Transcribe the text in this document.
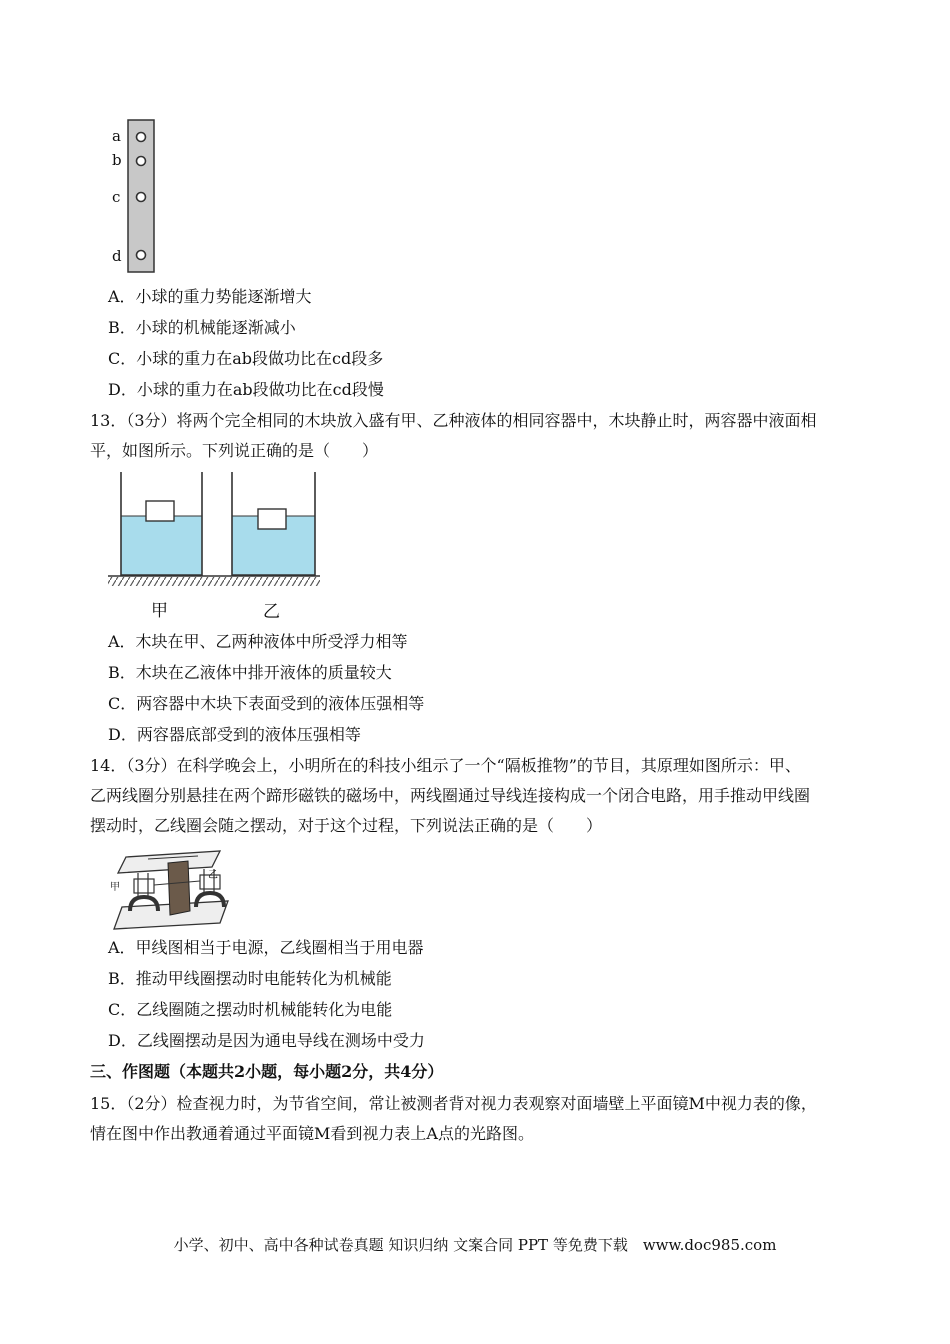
a
b
c
d
A．小球的重力势能逐渐增大
B．小球的机械能逐渐减小
C．小球的重力在ab段做功比在cd段多
D．小球的重力在ab段做功比在cd段慢
13．（3分）将两个完全相同的木块放入盛有甲、乙种液体的相同容器中，木块静止时，两容器中液面相
平，如图所示。下列说正确的是（　　）
甲	乙
A．木块在甲、乙两种液体中所受浮力相等
B．木块在乙液体中排开液体的质量较大
C．两容器中木块下表面受到的液体压强相等
D．两容器底部受到的液体压强相等
14．（3分）在科学晚会上，小明所在的科技小组示了一个“隔板推物”的节目，其原理如图所示：甲、
乙两线圈分别悬挂在两个蹄形磁铁的磁场中，两线圈通过导线连接构成一个闭合电路，用手推动甲线圈
摆动时，乙线圈会随之摆动，对于这个过程，下列说法正确的是（　　）
甲
乙
A．甲线图相当于电源，乙线圈相当于用电器
B．推动甲线圈摆动时电能转化为机械能
C．乙线圈随之摆动时机械能转化为电能
D．乙线圈摆动是因为通电导线在测场中受力
三、作图题（本题共2小题，每小题2分，共4分）
15．（2分）检查视力时，为节省空间，常让被测者背对视力表观察对面墙壁上平面镜M中视力表的像，
情在图中作出教通着通过平面镜M看到视力表上A点的光路图。
小学、初中、高中各种试卷真题 知识归纳 文案合同 PPT 等免费下载　www.doc985.com
